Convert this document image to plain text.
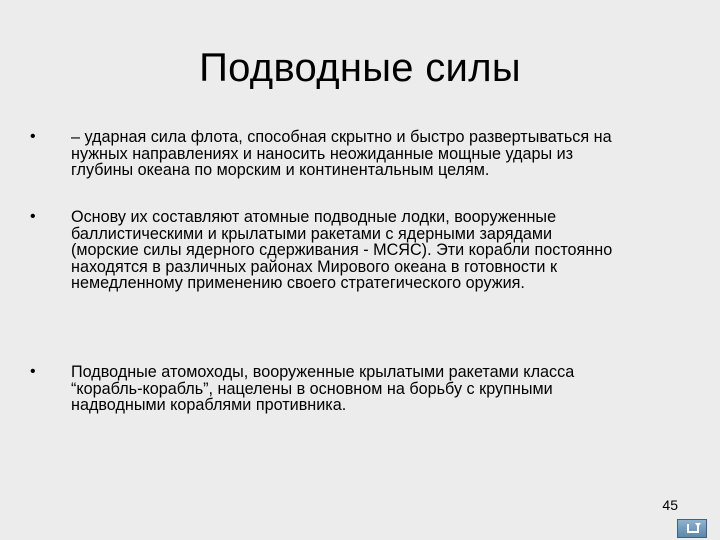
Подводные силы
• – ударная сила флота, способная скрытно и быстро развертываться на
нужных направлениях и наносить неожиданные мощные удары из
глубины океана по морским и континентальным целям.
• Основу их составляют атомные подводные лодки, вооруженные
баллистическими и крылатыми ракетами с ядерными зарядами
(морские силы ядерного сдерживания - МСЯС). Эти корабли постоянно
находятся в различных районах Мирового океана в готовности к
немедленному применению своего стратегического оружия.
• Подводные атомоходы, вооруженные крылатыми ракетами класса
“корабль-корабль”, нацелены в основном на борьбу с крупными
надводными кораблями противника.
45
